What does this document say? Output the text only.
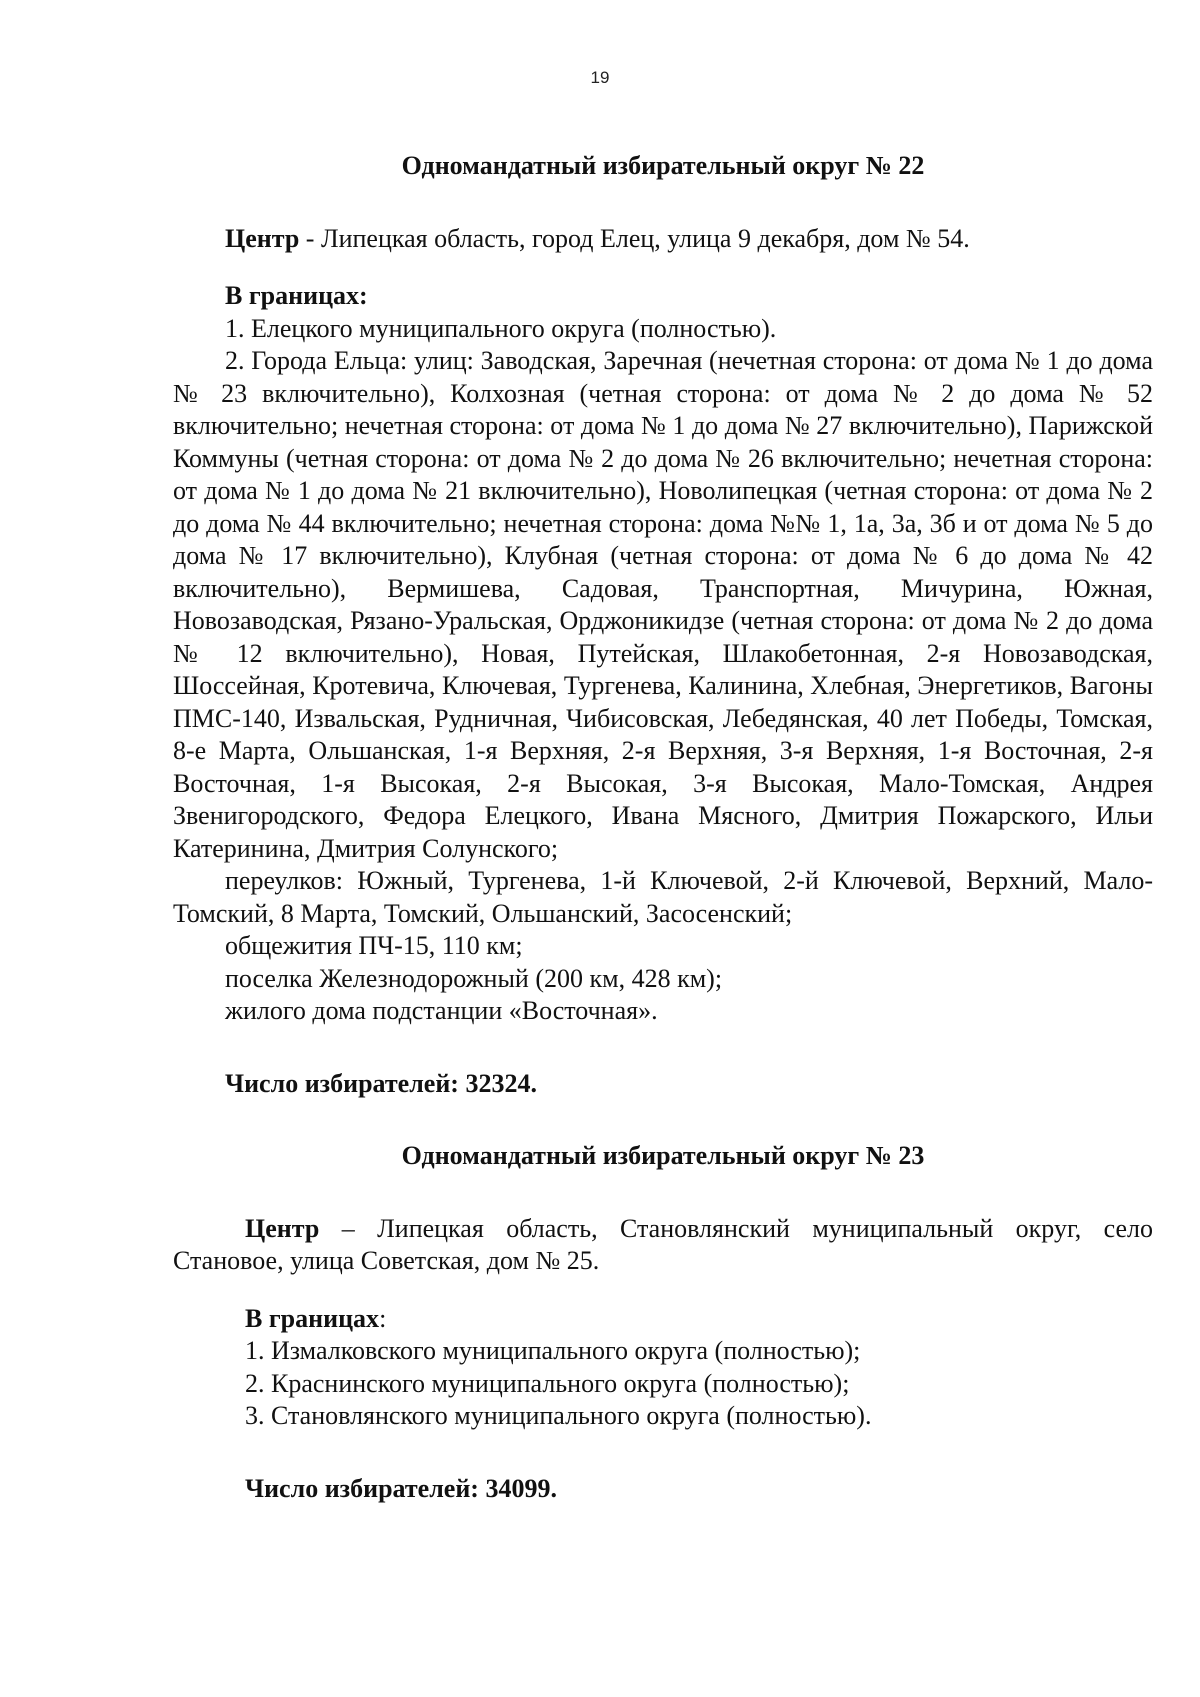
19

Одномандатный избирательный округ № 22

Центр - Липецкая область, город Елец, улица 9 декабря, дом № 54.

В границах:

1. Елецкого муниципального округа (полностью).

2. Города Ельца: улиц: Заводская, Заречная (нечетная сторона: от дома № 1 до дома № 23 включительно), Колхозная (четная сторона: от дома № 2 до дома № 52 включительно; нечетная сторона: от дома № 1 до дома № 27 включительно), Парижской Коммуны (четная сторона: от дома № 2 до дома № 26 включительно; нечетная сторона: от дома № 1 до дома № 21 включительно), Новолипецкая (четная сторона: от дома № 2 до дома № 44 включительно; нечетная сторона: дома №№ 1, 1а, 3а, 3б и от дома № 5 до дома № 17 включительно), Клубная (четная сторона: от дома № 6 до дома № 42 включительно), Вермишева, Садовая, Транспортная, Мичурина, Южная, Новозаводская, Рязано-Уральская, Орджоникидзе (четная сторона: от дома № 2 до дома № 12 включительно), Новая, Путейская, Шлакобетонная, 2-я Новозаводская, Шоссейная, Кротевича, Ключевая, Тургенева, Калинина, Хлебная, Энергетиков, Вагоны ПМС-140, Извальская, Рудничная, Чибисовская, Лебедянская, 40 лет Победы, Томская, 8-е Марта, Ольшанская, 1-я Верхняя, 2-я Верхняя, 3-я Верхняя, 1-я Восточная, 2-я Восточная, 1-я Высокая, 2-я Высокая, 3-я Высокая, Мало-Томская, Андрея Звенигородского, Федора Елецкого, Ивана Мясного, Дмитрия Пожарского, Ильи Катеринина, Дмитрия Солунского;

переулков: Южный, Тургенева, 1-й Ключевой, 2-й Ключевой, Верхний, Мало-Томский, 8 Марта, Томский, Ольшанский, Засосенский;

общежития ПЧ-15, 110 км;

поселка Железнодорожный (200 км, 428 км);

жилого дома подстанции «Восточная».

Число избирателей: 32324.

Одномандатный избирательный округ № 23

Центр – Липецкая область, Становлянский муниципальный округ, село Становое, улица Советская, дом № 25.

В границах:

1. Измалковского муниципального округа (полностью);

2. Краснинского муниципального округа (полностью);

3. Становлянского муниципального округа (полностью).

Число избирателей: 34099.
